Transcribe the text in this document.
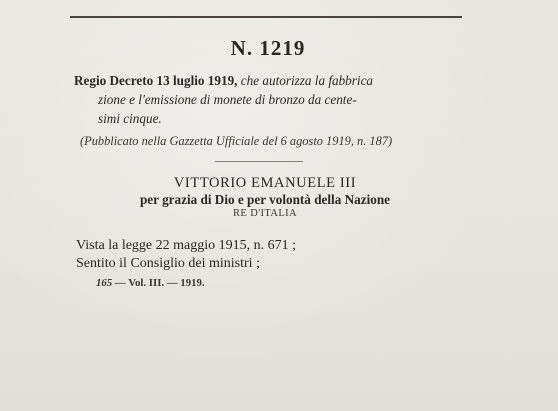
N. 1219
Regio Decreto 13 luglio 1919, che autorizza la fabbrica
zione e l'emissione di monete di bronzo da cente-
simi cinque.
(Pubblicato nella Gazzetta Ufficiale del 6 agosto 1919, n. 187)
VITTORIO EMANUELE III
per grazia di Dio e per volontà della Nazione
RE D'ITALIA
Vista la legge 22 maggio 1915, n. 671 ;
Sentito il Consiglio dei ministri ;
165 — Vol. III. — 1919.
